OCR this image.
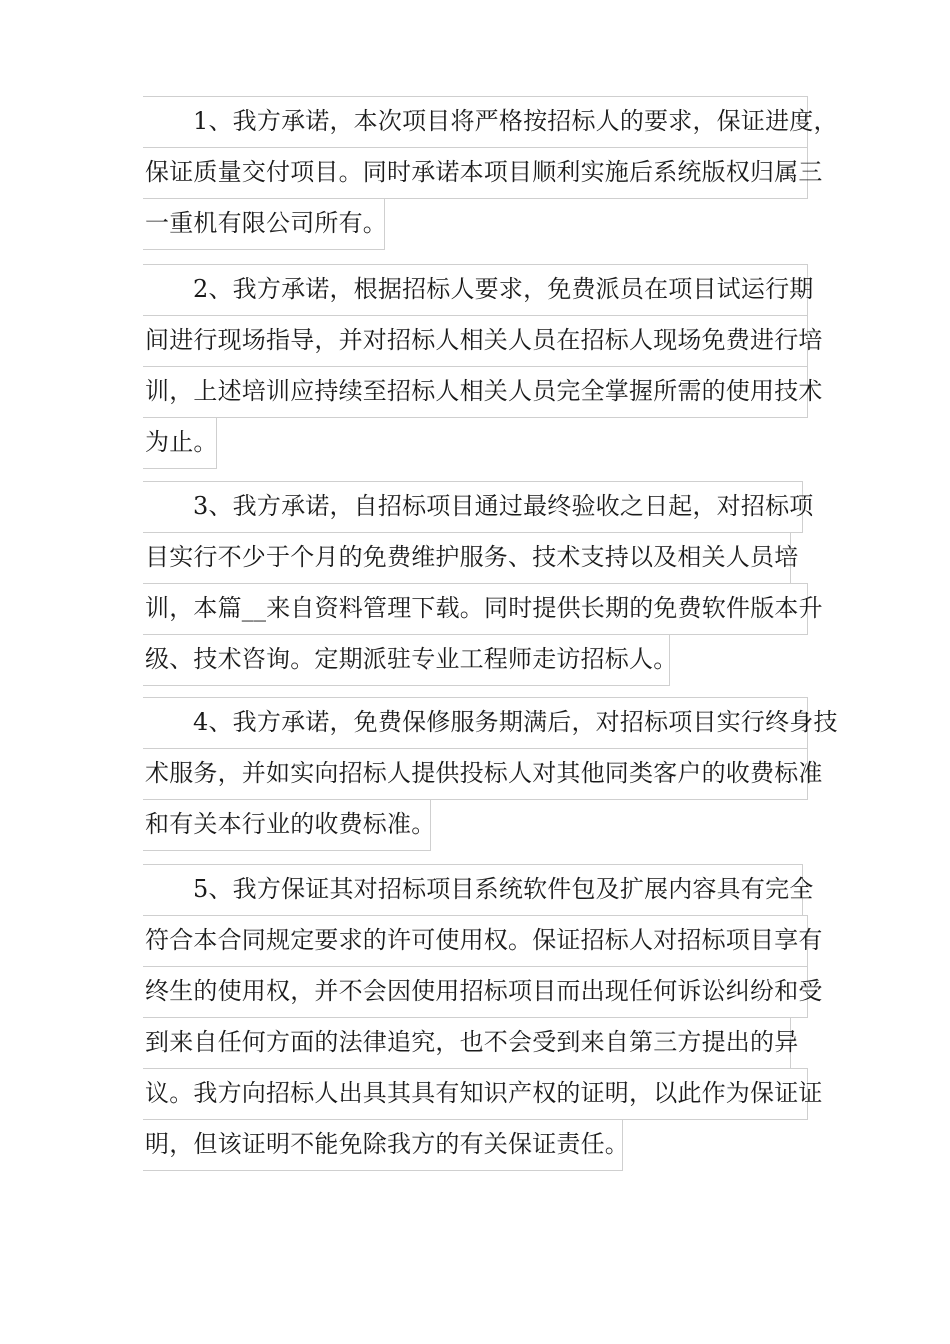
1、我方承诺，本次项目将严格按招标人的要求，保证进度，
保证质量交付项目。同时承诺本项目顺利实施后系统版权归属三
一重机有限公司所有。
2、我方承诺，根据招标人要求，免费派员在项目试运行期
间进行现场指导，并对招标人相关人员在招标人现场免费进行培
训，上述培训应持续至招标人相关人员完全掌握所需的使用技术
为止。
3、我方承诺，自招标项目通过最终验收之日起，对招标项
目实行不少于个月的免费维护服务、技术支持以及相关人员培
训，本篇__来自资料管理下载。同时提供长期的免费软件版本升
级、技术咨询。定期派驻专业工程师走访招标人。
4、我方承诺，免费保修服务期满后，对招标项目实行终身技
术服务，并如实向招标人提供投标人对其他同类客户的收费标准
和有关本行业的收费标准。
5、我方保证其对招标项目系统软件包及扩展内容具有完全
符合本合同规定要求的许可使用权。保证招标人对招标项目享有
终生的使用权，并不会因使用招标项目而出现任何诉讼纠纷和受
到来自任何方面的法律追究，也不会受到来自第三方提出的异
议。我方向招标人出具其具有知识产权的证明，以此作为保证证
明，但该证明不能免除我方的有关保证责任。
